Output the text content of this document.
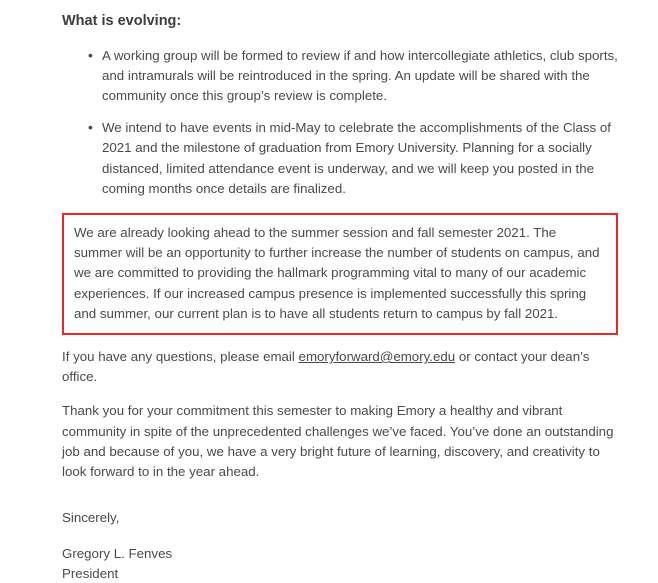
What is evolving:
• A working group will be formed to review if and how intercollegiate athletics, club sports, and intramurals will be reintroduced in the spring. An update will be shared with the community once this group’s review is complete.
• We intend to have events in mid-May to celebrate the accomplishments of the Class of 2021 and the milestone of graduation from Emory University. Planning for a socially distanced, limited attendance event is underway, and we will keep you posted in the coming months once details are finalized.

We are already looking ahead to the summer session and fall semester 2021. The summer will be an opportunity to further increase the number of students on campus, and we are committed to providing the hallmark programming vital to many of our academic experiences. If our increased campus presence is implemented successfully this spring and summer, our current plan is to have all students return to campus by fall 2021.

If you have any questions, please email emoryforward@emory.edu or contact your dean’s office.

Thank you for your commitment this semester to making Emory a healthy and vibrant community in spite of the unprecedented challenges we’ve faced. You’ve done an outstanding job and because of you, we have a very bright future of learning, discovery, and creativity to look forward to in the year ahead.

Sincerely,

Gregory L. Fenves
President
